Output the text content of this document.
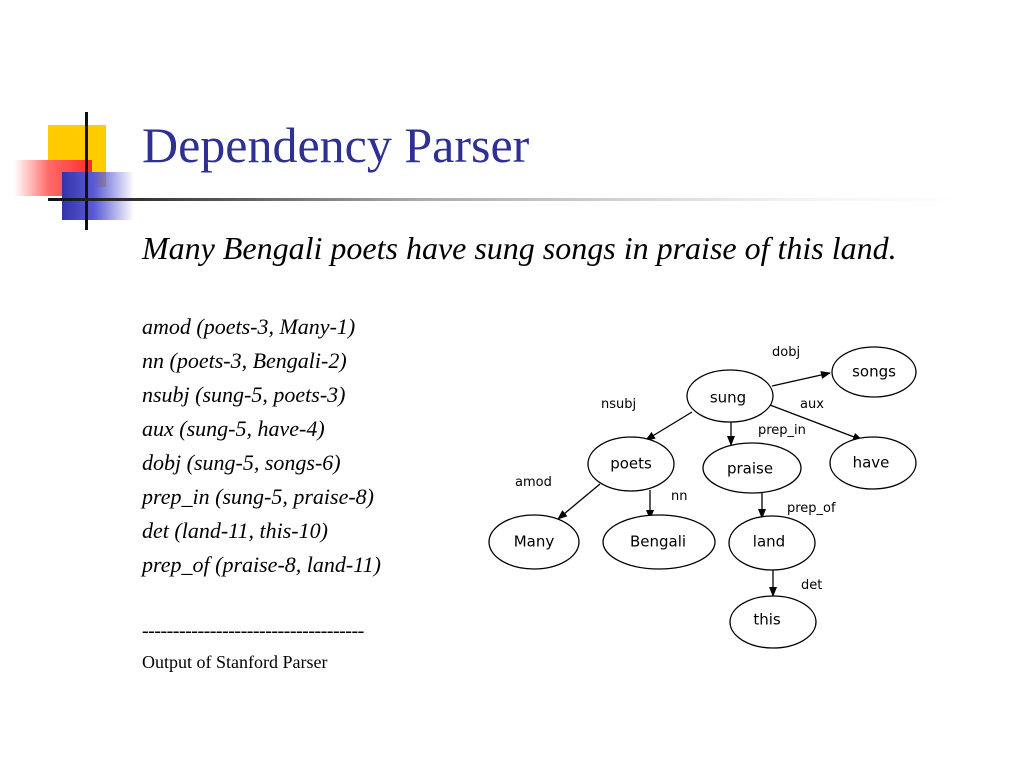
Dependency Parser
Many Bengali poets have sung songs in praise of this land.
amod (poets-3, Many-1)
nn (poets-3, Bengali-2)
nsubj (sung-5, poets-3)
aux (sung-5, have-4)
dobj (sung-5, songs-6)
prep_in (sung-5, praise-8)
det (land-11, this-10)
prep_of (praise-8, land-11)
------------------------------------
Output of Stanford Parser
dobj
nsubj	aux
prep_in
amod
nn
prep_of
det
sung
songs
poets	praise	have
Many	Bengali	land
this
